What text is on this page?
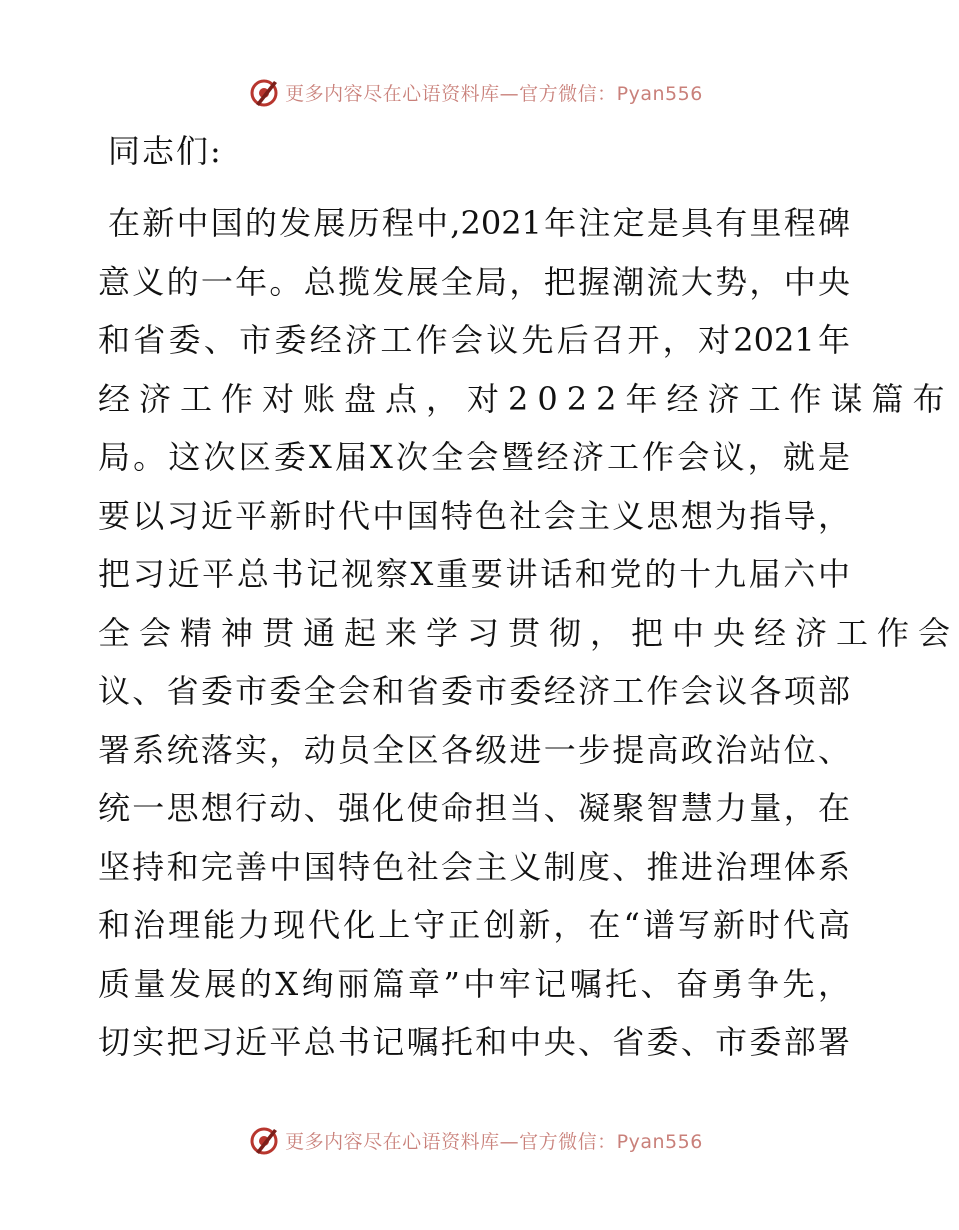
更多内容尽在心语资料库—官方微信：Pyan556
同志们:
在新中国的发展历程中,2021年注定是具有里程碑
意义的一年。总揽发展全局，把握潮流大势，中央
和省委、市委经济工作会议先后召开，对2021年
经济工作对账盘点，对2022年经济工作谋篇布
局。这次区委X届X次全会暨经济工作会议，就是
要以习近平新时代中国特色社会主义思想为指导，
把习近平总书记视察X重要讲话和党的十九届六中
全会精神贯通起来学习贯彻，把中央经济工作会
议、省委市委全会和省委市委经济工作会议各项部
署系统落实，动员全区各级进一步提高政治站位、
统一思想行动、强化使命担当、凝聚智慧力量，在
坚持和完善中国特色社会主义制度、推进治理体系
和治理能力现代化上守正创新，在“谱写新时代高
质量发展的X绚丽篇章”中牢记嘱托、奋勇争先，
切实把习近平总书记嘱托和中央、省委、市委部署
更多内容尽在心语资料库—官方微信：Pyan556
